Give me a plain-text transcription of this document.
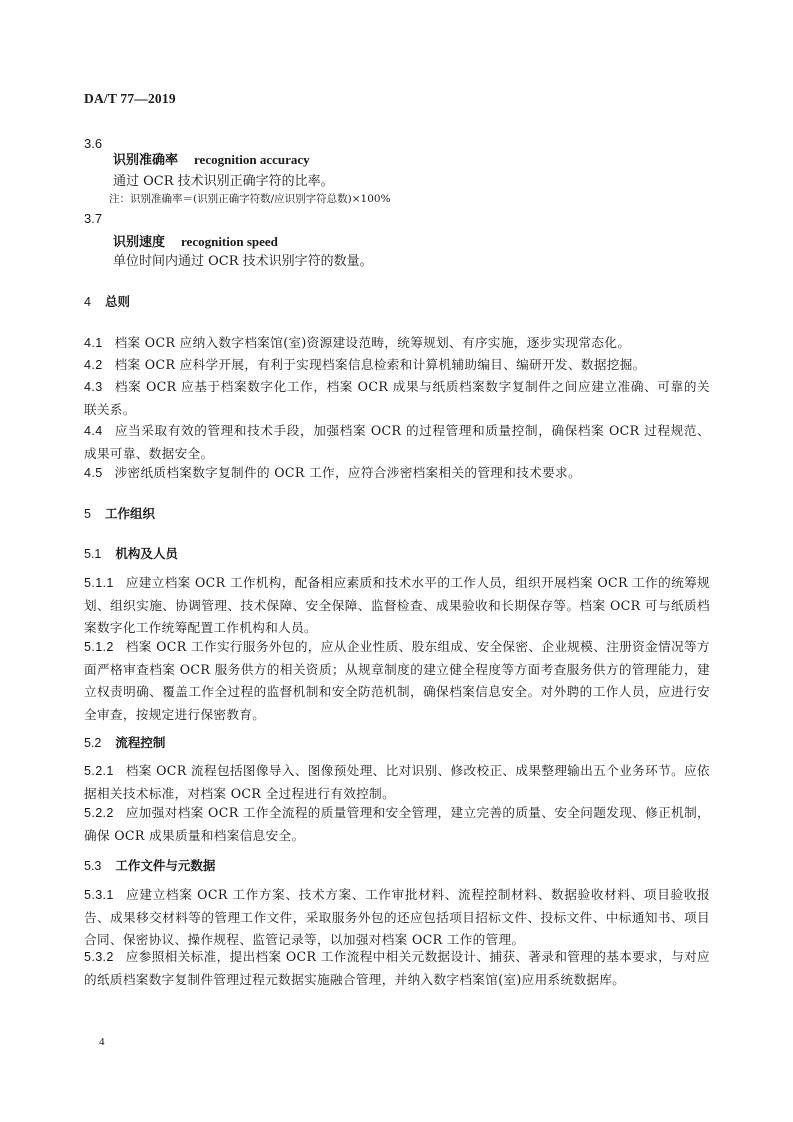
DA/T 77—2019
3.6
识别准确率 recognition accuracy
通过 OCR 技术识别正确字符的比率。
注：识别准确率＝(识别正确字符数/应识别字符总数)×100%
3.7
识别速度 recognition speed
单位时间内通过 OCR 技术识别字符的数量。
4 总则
4.1 档案 OCR 应纳入数字档案馆(室)资源建设范畴，统筹规划、有序实施，逐步实现常态化。
4.2 档案 OCR 应科学开展，有利于实现档案信息检索和计算机辅助编目、编研开发、数据挖掘。
4.3 档案 OCR 应基于档案数字化工作，档案 OCR 成果与纸质档案数字复制件之间应建立准确、可靠的关联关系。
4.4 应当采取有效的管理和技术手段，加强档案 OCR 的过程管理和质量控制，确保档案 OCR 过程规范、成果可靠、数据安全。
4.5 涉密纸质档案数字复制件的 OCR 工作，应符合涉密档案相关的管理和技术要求。
5 工作组织
5.1 机构及人员
5.1.1 应建立档案 OCR 工作机构，配备相应素质和技术水平的工作人员，组织开展档案 OCR 工作的统筹规划、组织实施、协调管理、技术保障、安全保障、监督检查、成果验收和长期保存等。档案 OCR 可与纸质档案数字化工作统筹配置工作机构和人员。
5.1.2 档案 OCR 工作实行服务外包的，应从企业性质、股东组成、安全保密、企业规模、注册资金情况等方面严格审查档案 OCR 服务供方的相关资质；从规章制度的建立健全程度等方面考查服务供方的管理能力，建立权责明确、覆盖工作全过程的监督机制和安全防范机制，确保档案信息安全。对外聘的工作人员，应进行安全审查，按规定进行保密教育。
5.2 流程控制
5.2.1 档案 OCR 流程包括图像导入、图像预处理、比对识别、修改校正、成果整理输出五个业务环节。应依据相关技术标准，对档案 OCR 全过程进行有效控制。
5.2.2 应加强对档案 OCR 工作全流程的质量管理和安全管理，建立完善的质量、安全问题发现、修正机制，确保 OCR 成果质量和档案信息安全。
5.3 工作文件与元数据
5.3.1 应建立档案 OCR 工作方案、技术方案、工作审批材料、流程控制材料、数据验收材料、项目验收报告、成果移交材料等的管理工作文件，采取服务外包的还应包括项目招标文件、投标文件、中标通知书、项目合同、保密协议、操作规程、监管记录等，以加强对档案 OCR 工作的管理。
5.3.2 应参照相关标准，提出档案 OCR 工作流程中相关元数据设计、捕获、著录和管理的基本要求，与对应的纸质档案数字复制件管理过程元数据实施融合管理，并纳入数字档案馆(室)应用系统数据库。
4
